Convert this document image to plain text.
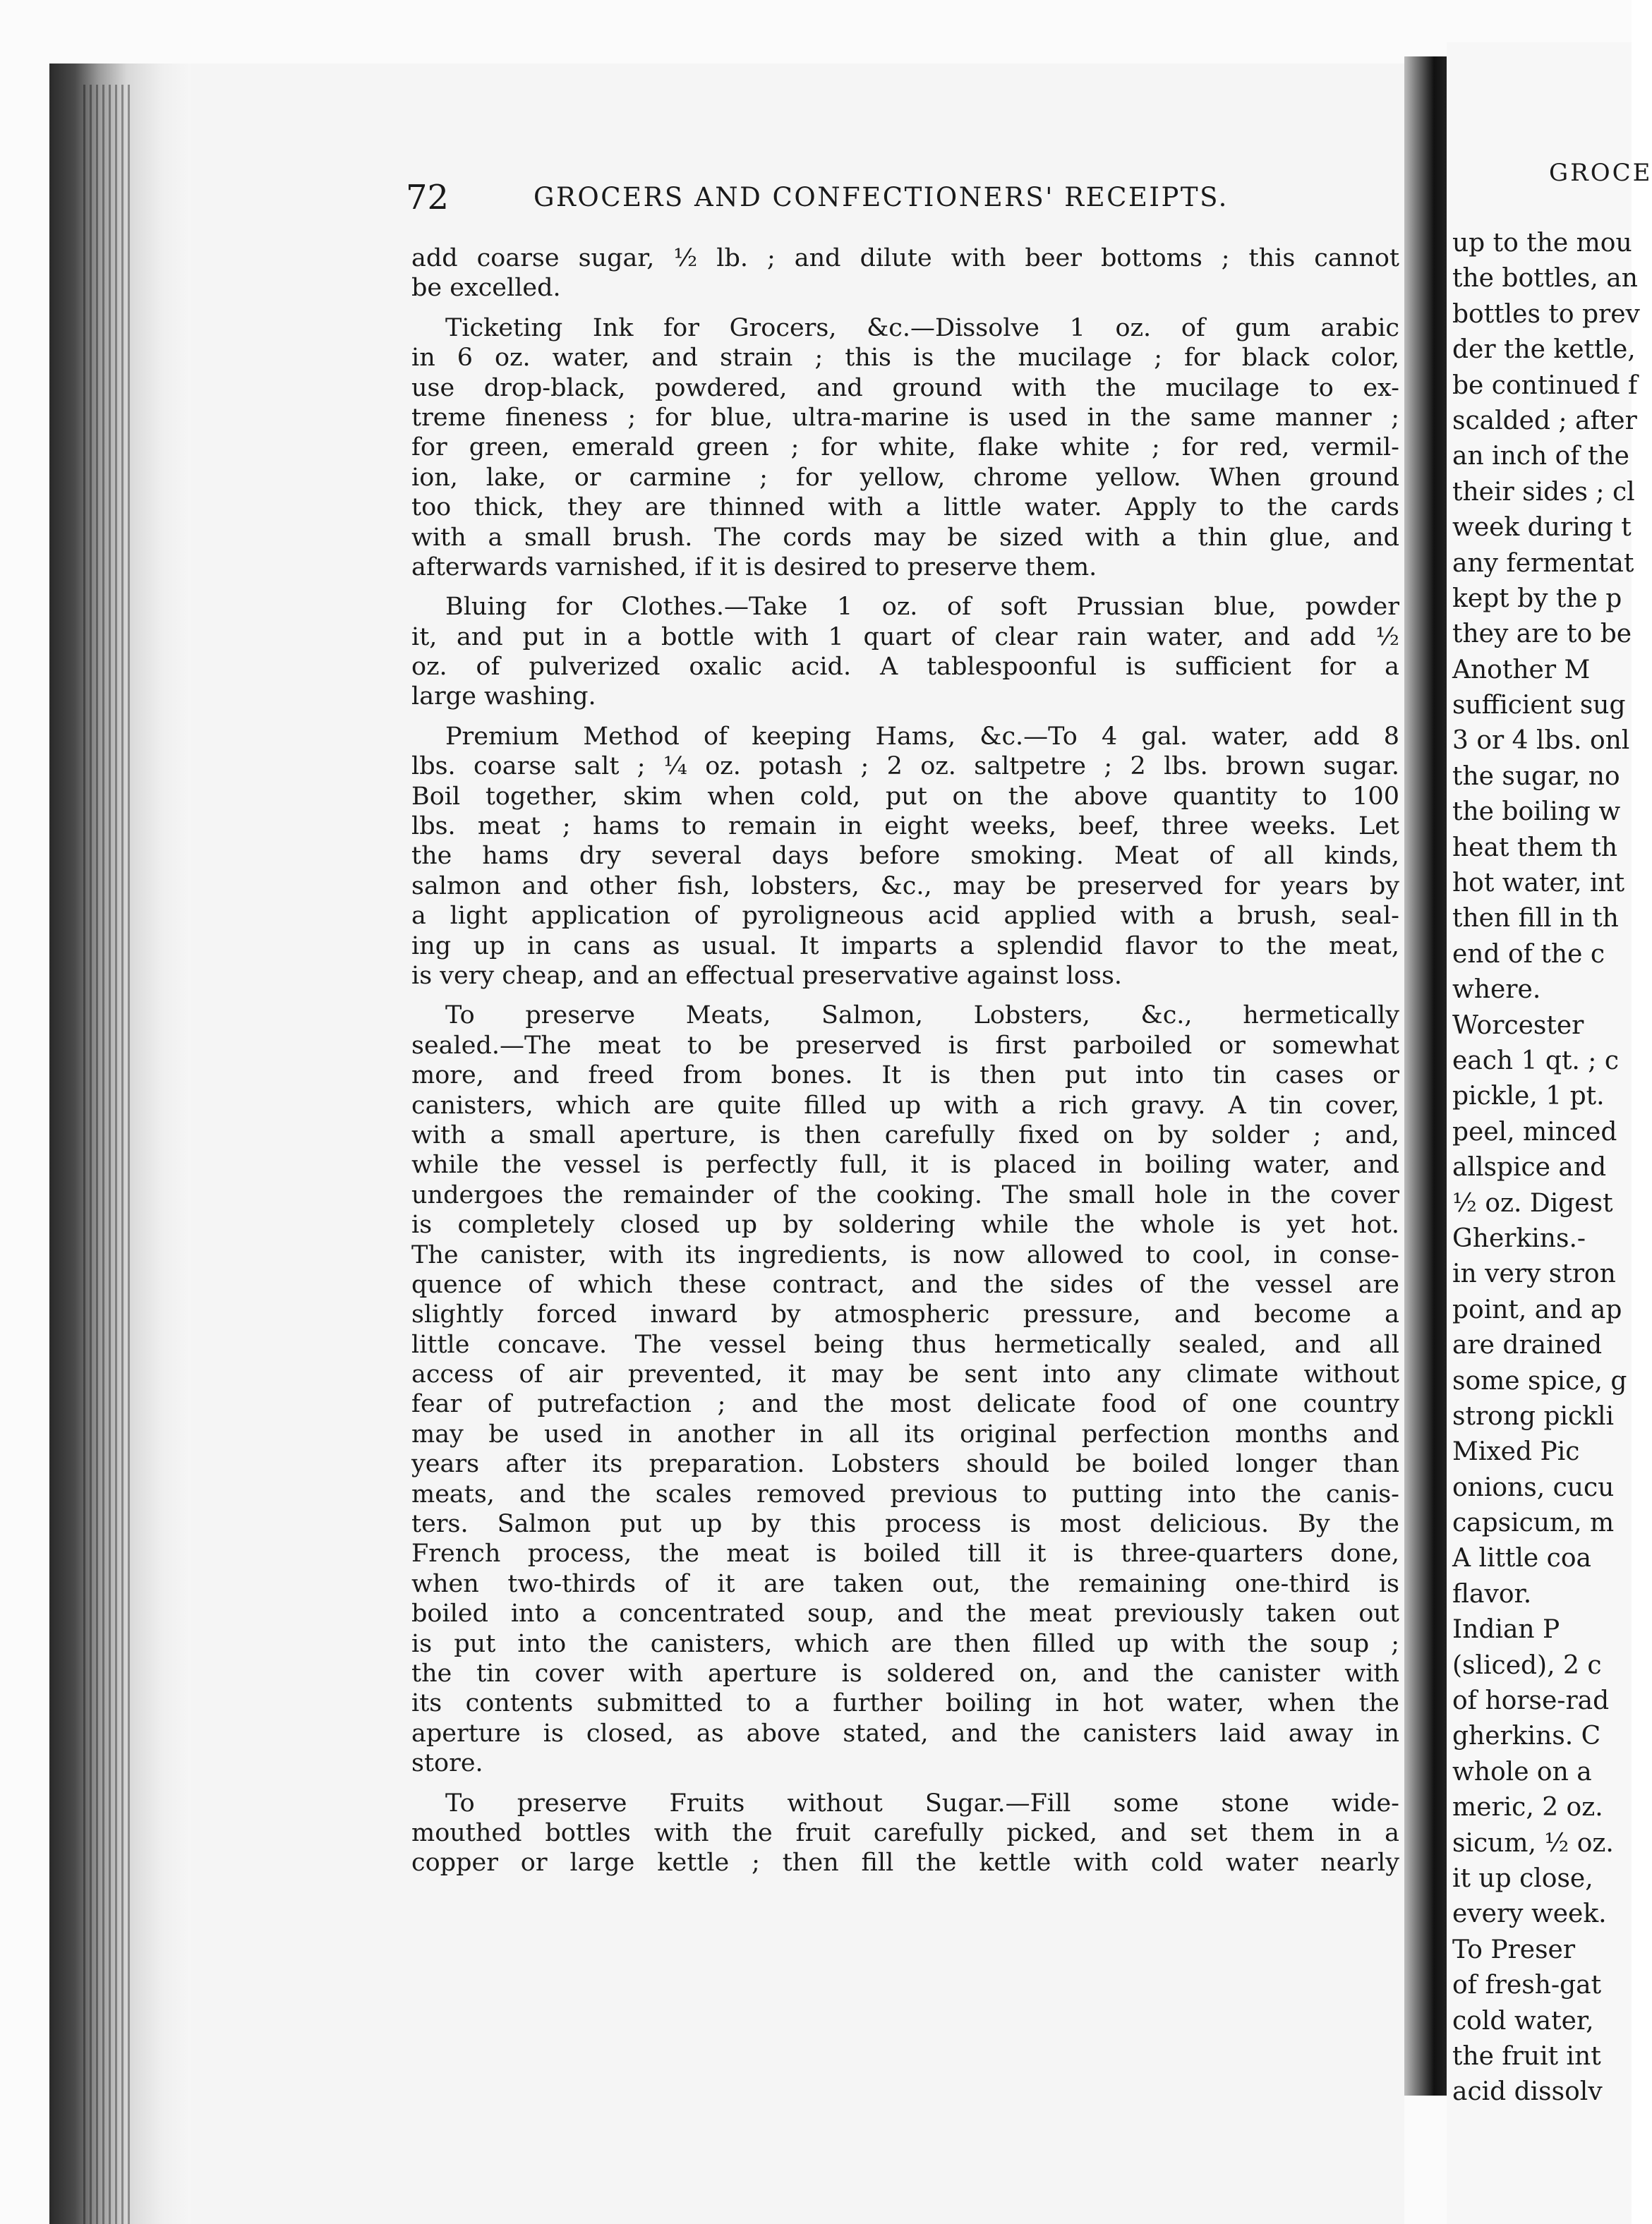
72	GROCERS AND CONFECTIONERS' RECEIPTS.
add coarse sugar, ½ lb. ; and dilute with beer bottoms ; this cannot
be excelled.
Ticketing Ink for Grocers, &c.—Dissolve 1 oz. of gum arabic
in 6 oz. water, and strain ; this is the mucilage ; for black color,
use drop-black, powdered, and ground with the mucilage to ex-
treme fineness ; for blue, ultra-marine is used in the same manner ;
for green, emerald green ; for white, flake white ; for red, vermil-
ion, lake, or carmine ; for yellow, chrome yellow. When ground
too thick, they are thinned with a little water. Apply to the cards
with a small brush. The cords may be sized with a thin glue, and
afterwards varnished, if it is desired to preserve them.
Bluing for Clothes.—Take 1 oz. of soft Prussian blue, powder
it, and put in a bottle with 1 quart of clear rain water, and add ½
oz. of pulverized oxalic acid. A tablespoonful is sufficient for a
large washing.
Premium Method of keeping Hams, &c.—To 4 gal. water, add 8
lbs. coarse salt ; ¼ oz. potash ; 2 oz. saltpetre ; 2 lbs. brown sugar.
Boil together, skim when cold, put on the above quantity to 100
lbs. meat ; hams to remain in eight weeks, beef, three weeks. Let
the hams dry several days before smoking. Meat of all kinds,
salmon and other fish, lobsters, &c., may be preserved for years by
a light application of pyroligneous acid applied with a brush, seal-
ing up in cans as usual. It imparts a splendid flavor to the meat,
is very cheap, and an effectual preservative against loss.
To preserve Meats, Salmon, Lobsters, &c., hermetically
sealed.—The meat to be preserved is first parboiled or somewhat
more, and freed from bones. It is then put into tin cases or
canisters, which are quite filled up with a rich gravy. A tin cover,
with a small aperture, is then carefully fixed on by solder ; and,
while the vessel is perfectly full, it is placed in boiling water, and
undergoes the remainder of the cooking. The small hole in the cover
is completely closed up by soldering while the whole is yet hot.
The canister, with its ingredients, is now allowed to cool, in conse-
quence of which these contract, and the sides of the vessel are
slightly forced inward by atmospheric pressure, and become a
little concave. The vessel being thus hermetically sealed, and all
access of air prevented, it may be sent into any climate without
fear of putrefaction ; and the most delicate food of one country
may be used in another in all its original perfection months and
years after its preparation. Lobsters should be boiled longer than
meats, and the scales removed previous to putting into the canis-
ters. Salmon put up by this process is most delicious. By the
French process, the meat is boiled till it is three-quarters done,
when two-thirds of it are taken out, the remaining one-third is
boiled into a concentrated soup, and the meat previously taken out
is put into the canisters, which are then filled up with the soup ;
the tin cover with aperture is soldered on, and the canister with
its contents submitted to a further boiling in hot water, when the
aperture is closed, as above stated, and the canisters laid away in
store.
To preserve Fruits without Sugar.—Fill some stone wide-
mouthed bottles with the fruit carefully picked, and set them in a
copper or large kettle ; then fill the kettle with cold water nearly
GROCE
up to the mou
the bottles, an
bottles to prev
der the kettle,
be continued f
scalded ; after
an inch of the
their sides ; cl
week during t
any fermentat
kept by the p
they are to be
Another M
sufficient sug
3 or 4 lbs. onl
the sugar, no
the boiling w
heat them th
hot water, int
then fill in th
end of the c
where.
Worcester
each 1 qt. ; c
pickle, 1 pt.
peel, minced
allspice and
½ oz. Digest
Gherkins.-
in very stron
point, and ap
are drained
some spice, g
strong pickli
Mixed Pic
onions, cucu
capsicum, m
A little coa
flavor.
Indian P
(sliced), 2 c
of horse-rad
gherkins. C
whole on a
meric, 2 oz.
sicum, ½ oz.
it up close,
every week.
To Preser
of fresh-gat
cold water,
the fruit int
acid dissolv
